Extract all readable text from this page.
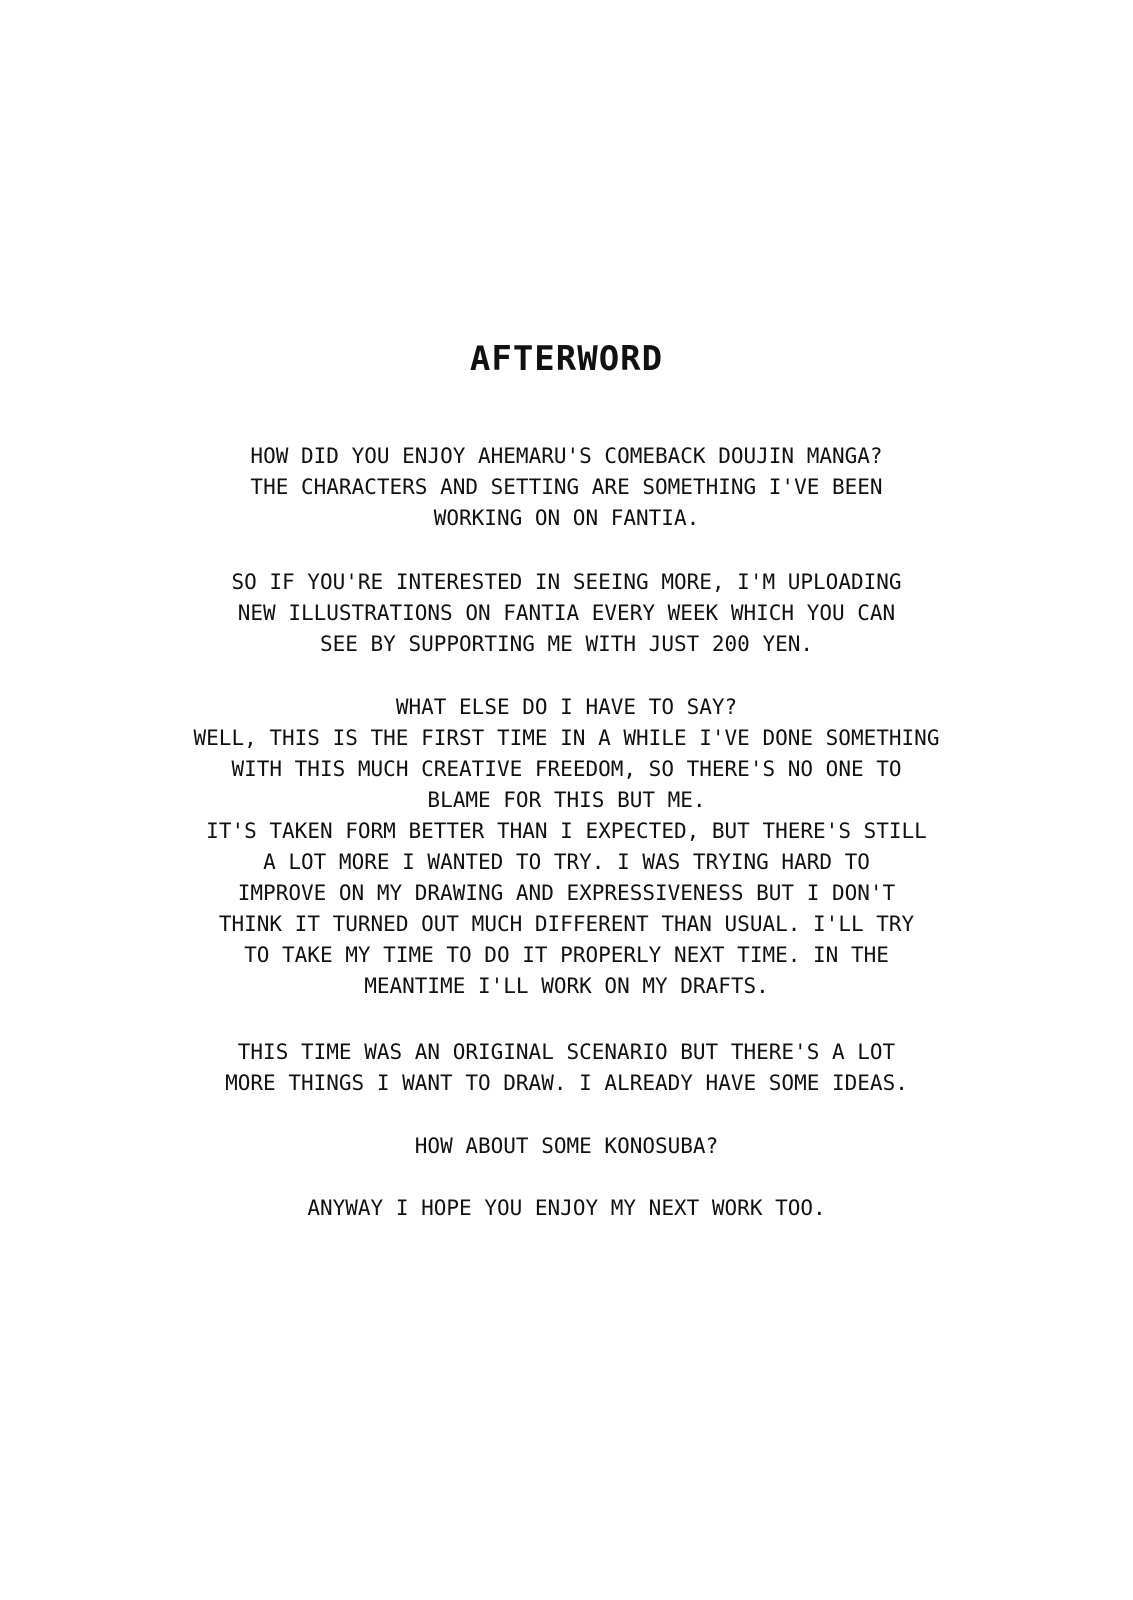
AFTERWORD
HOW DID YOU ENJOY AHEMARU'S COMEBACK DOUJIN MANGA?
THE CHARACTERS AND SETTING ARE SOMETHING I'VE BEEN
WORKING ON ON FANTIA.
SO IF YOU'RE INTERESTED IN SEEING MORE, I'M UPLOADING
NEW ILLUSTRATIONS ON FANTIA EVERY WEEK WHICH YOU CAN
SEE BY SUPPORTING ME WITH JUST 200 YEN.
WHAT ELSE DO I HAVE TO SAY?
WELL, THIS IS THE FIRST TIME IN A WHILE I'VE DONE SOMETHING
WITH THIS MUCH CREATIVE FREEDOM, SO THERE'S NO ONE TO
BLAME FOR THIS BUT ME.
IT'S TAKEN FORM BETTER THAN I EXPECTED, BUT THERE'S STILL
A LOT MORE I WANTED TO TRY. I WAS TRYING HARD TO
IMPROVE ON MY DRAWING AND EXPRESSIVENESS BUT I DON'T
THINK IT TURNED OUT MUCH DIFFERENT THAN USUAL. I'LL TRY
TO TAKE MY TIME TO DO IT PROPERLY NEXT TIME. IN THE
MEANTIME I'LL WORK ON MY DRAFTS.
THIS TIME WAS AN ORIGINAL SCENARIO BUT THERE'S A LOT
MORE THINGS I WANT TO DRAW. I ALREADY HAVE SOME IDEAS.
HOW ABOUT SOME KONOSUBA?
ANYWAY I HOPE YOU ENJOY MY NEXT WORK TOO.
